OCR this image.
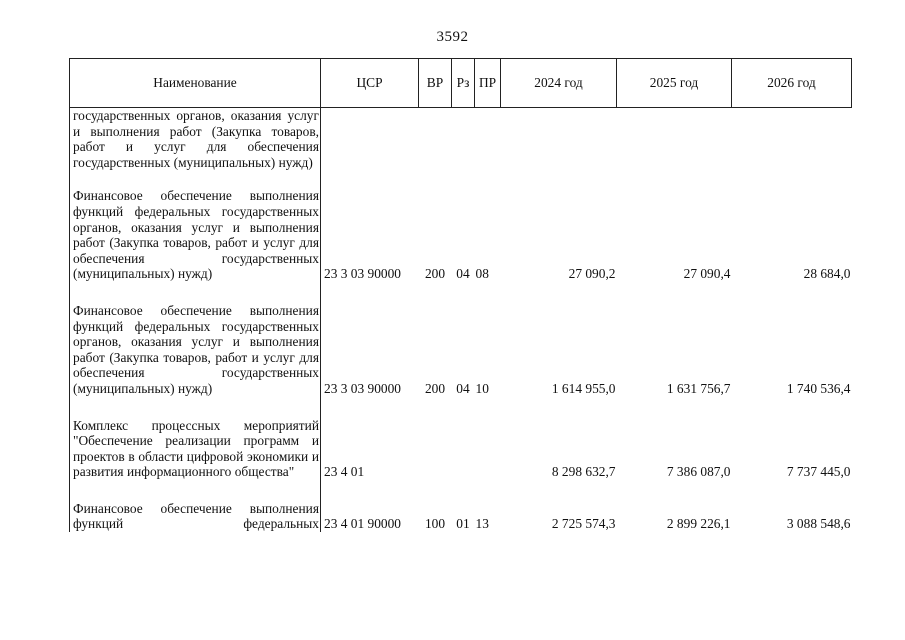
3592
Наименование	ЦСР	ВР	Рз	ПР	2024 год	2025 год	2026 год
государственных органов, оказания услуг и выполнения работ (Закупка товаров, работ и услуг для обеспечения государственных (муниципальных) нужд)							

Финансовое обеспечение выполнения функций федеральных государственных органов, оказания услуг и выполнения работ (Закупка товаров, работ и услуг для обеспечения государственных (муниципальных) нужд)	23 3 03 90000	200	04	08	27 090,2	27 090,4	28 684,0

Финансовое обеспечение выполнения функций федеральных государственных органов, оказания услуг и выполнения работ (Закупка товаров, работ и услуг для обеспечения государственных (муниципальных) нужд)	23 3 03 90000	200	04	10	1 614 955,0	1 631 756,7	1 740 536,4

Комплекс процессных мероприятий "Обеспечение реализации программ и проектов в области цифровой экономики и развития информационного общества"	23 4 01				8 298 632,7	7 386 087,0	7 737 445,0

Финансовое обеспечение выполнения функций федеральных	23 4 01 90000	100	01	13	2 725 574,3	2 899 226,1	3 088 548,6
